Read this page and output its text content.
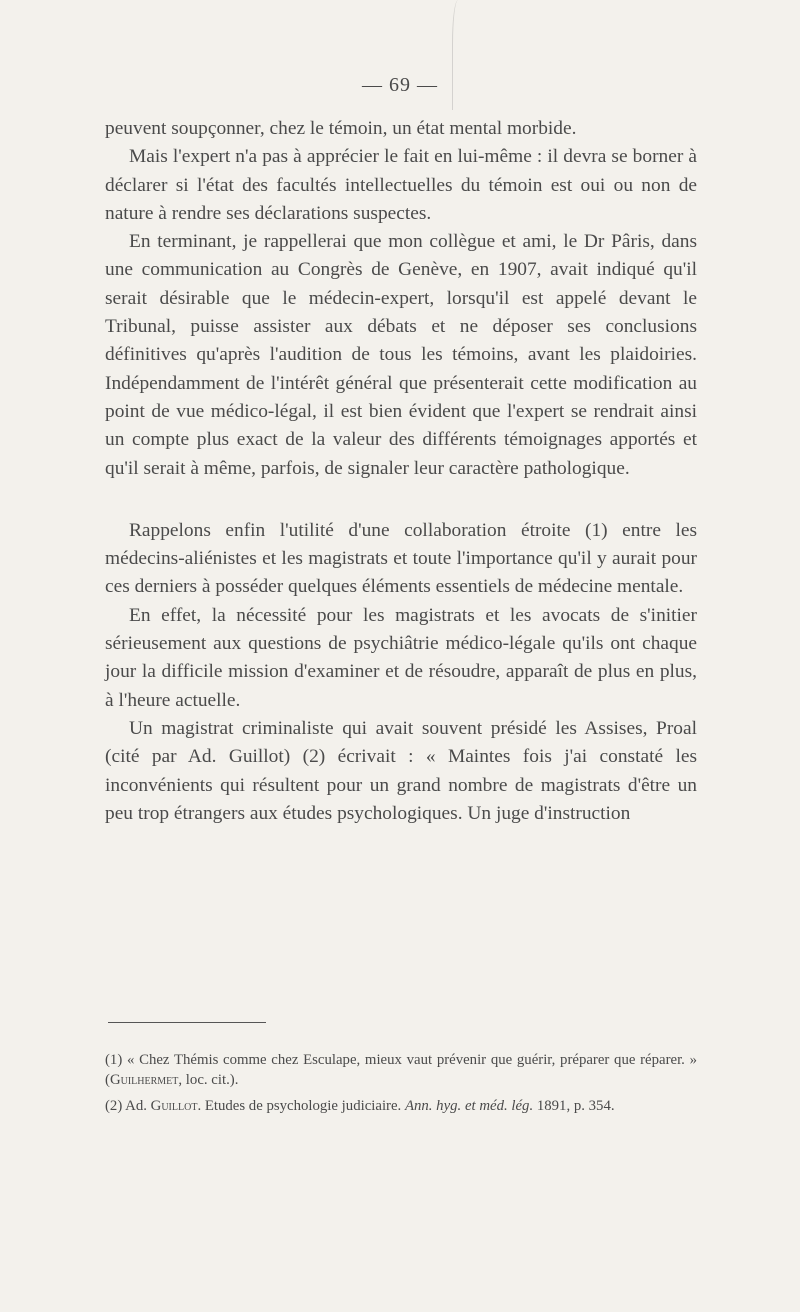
— 69 —

peuvent soupçonner, chez le témoin, un état mental morbide.

Mais l'expert n'a pas à apprécier le fait en lui-même : il devra se borner à déclarer si l'état des facultés intellectuelles du témoin est oui ou non de nature à rendre ses déclarations suspectes.

En terminant, je rappellerai que mon collègue et ami, le Dr Pâris, dans une communication au Congrès de Genève, en 1907, avait indiqué qu'il serait désirable que le médecin-expert, lorsqu'il est appelé devant le Tribunal, puisse assister aux débats et ne déposer ses conclusions définitives qu'après l'audition de tous les témoins, avant les plaidoiries. Indépendamment de l'intérêt général que présenterait cette modification au point de vue médico-légal, il est bien évident que l'expert se rendrait ainsi un compte plus exact de la valeur des différents témoignages apportés et qu'il serait à même, parfois, de signaler leur caractère pathologique.

Rappelons enfin l'utilité d'une collaboration étroite (1) entre les médecins-aliénistes et les magistrats et toute l'importance qu'il y aurait pour ces derniers à posséder quelques éléments essentiels de médecine mentale.

En effet, la nécessité pour les magistrats et les avocats de s'initier sérieusement aux questions de psychiâtrie médico-légale qu'ils ont chaque jour la difficile mission d'examiner et de résoudre, apparaît de plus en plus, à l'heure actuelle.

Un magistrat criminaliste qui avait souvent présidé les Assises, Proal (cité par Ad. Guillot) (2) écrivait : « Maintes fois j'ai constaté les inconvénients qui résultent pour un grand nombre de magistrats d'être un peu trop étrangers aux études psychologiques. Un juge d'instruction

(1) « Chez Thémis comme chez Esculape, mieux vaut prévenir que guérir, préparer que réparer. » (Guilhermet, loc. cit.).

(2) Ad. Guillot. Etudes de psychologie judiciaire. Ann. hyg. et méd. lég. 1891, p. 354.
